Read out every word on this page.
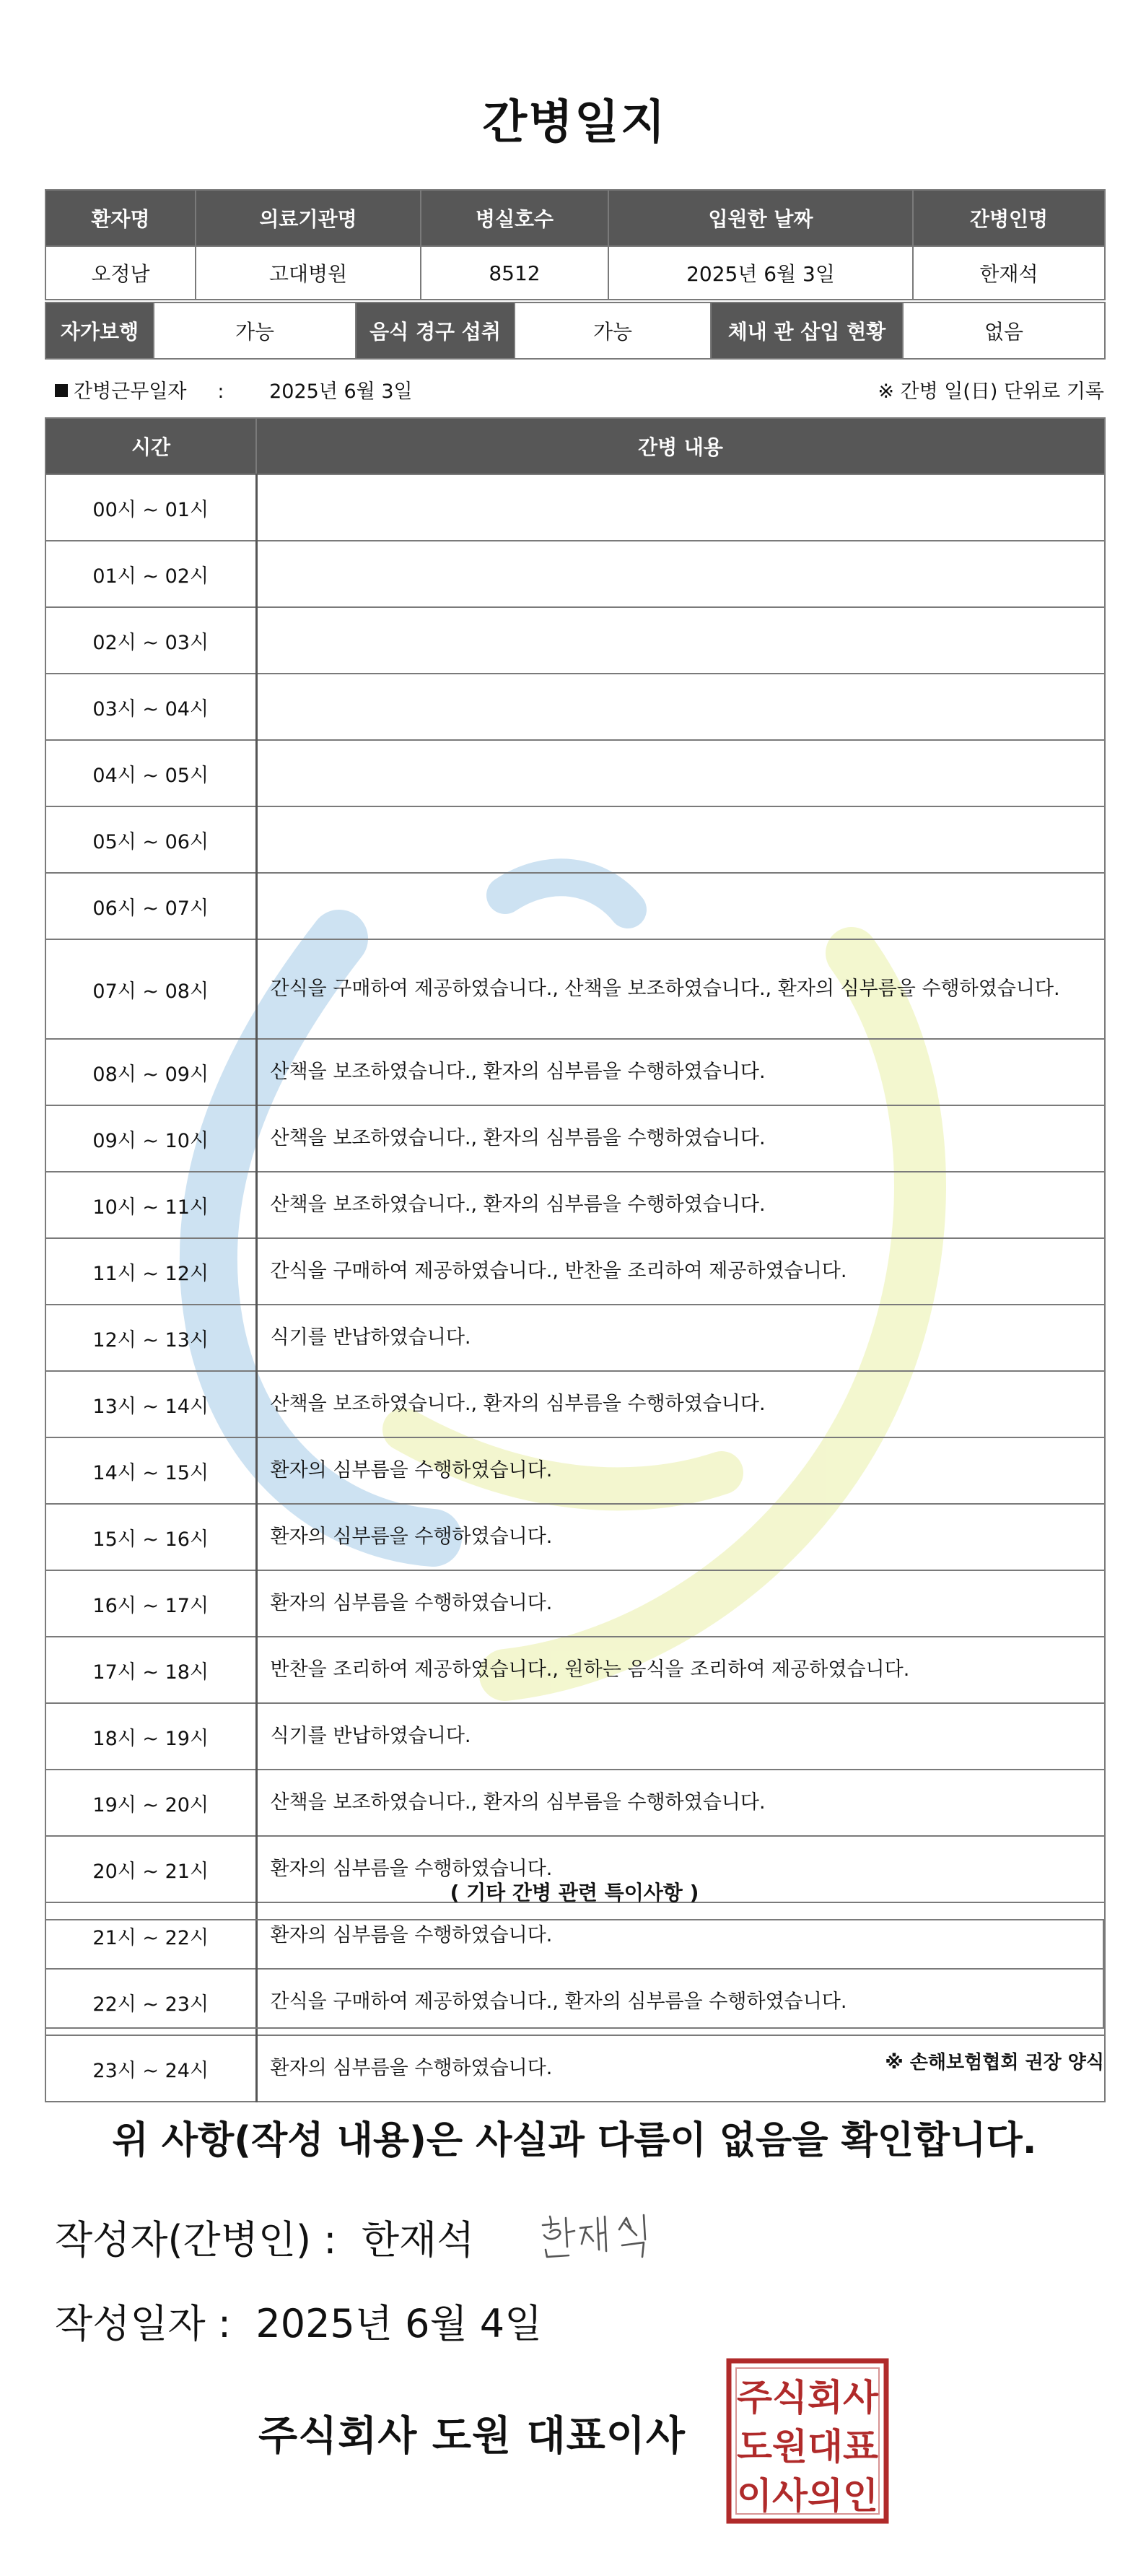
간병일지
환자명	의료기관명	병실호수	입원한 날짜	간병인명
오정남	고대병원	8512	2025년 6월 3일	한재석
자가보행	가능	음식 경구 섭취	가능	체내 관 삽입 현황	없음
간병근무일자 : 2025년 6월 3일	※ 간병 일(日) 단위로 기록
시간	간병 내용
00시 ~ 01시	
01시 ~ 02시	
02시 ~ 03시	
03시 ~ 04시	
04시 ~ 05시	
05시 ~ 06시	
06시 ~ 07시	
07시 ~ 08시	간식을 구매하여 제공하였습니다., 산책을 보조하였습니다., 환자의 심부름을 수행하였습니다.
08시 ~ 09시	산책을 보조하였습니다., 환자의 심부름을 수행하였습니다.
09시 ~ 10시	산책을 보조하였습니다., 환자의 심부름을 수행하였습니다.
10시 ~ 11시	산책을 보조하였습니다., 환자의 심부름을 수행하였습니다.
11시 ~ 12시	간식을 구매하여 제공하였습니다., 반찬을 조리하여 제공하였습니다.
12시 ~ 13시	식기를 반납하였습니다.
13시 ~ 14시	산책을 보조하였습니다., 환자의 심부름을 수행하였습니다.
14시 ~ 15시	환자의 심부름을 수행하였습니다.
15시 ~ 16시	환자의 심부름을 수행하였습니다.
16시 ~ 17시	환자의 심부름을 수행하였습니다.
17시 ~ 18시	반찬을 조리하여 제공하였습니다., 원하는 음식을 조리하여 제공하였습니다.
18시 ~ 19시	식기를 반납하였습니다.
19시 ~ 20시	산책을 보조하였습니다., 환자의 심부름을 수행하였습니다.
20시 ~ 21시	환자의 심부름을 수행하였습니다.
21시 ~ 22시	환자의 심부름을 수행하였습니다.
22시 ~ 23시	간식을 구매하여 제공하였습니다., 환자의 심부름을 수행하였습니다.
23시 ~ 24시	환자의 심부름을 수행하였습니다.
( 기타 간병 관련 특이사항 )
※ 손해보험협회 권장 양식
위 사항(작성 내용)은 사실과 다름이 없음을 확인합니다.
작성자(간병인) : 한재석
작성일자 : 2025년 6월 4일
주식회사 도원 대표이사
주식회사
도원대표
이사의인
